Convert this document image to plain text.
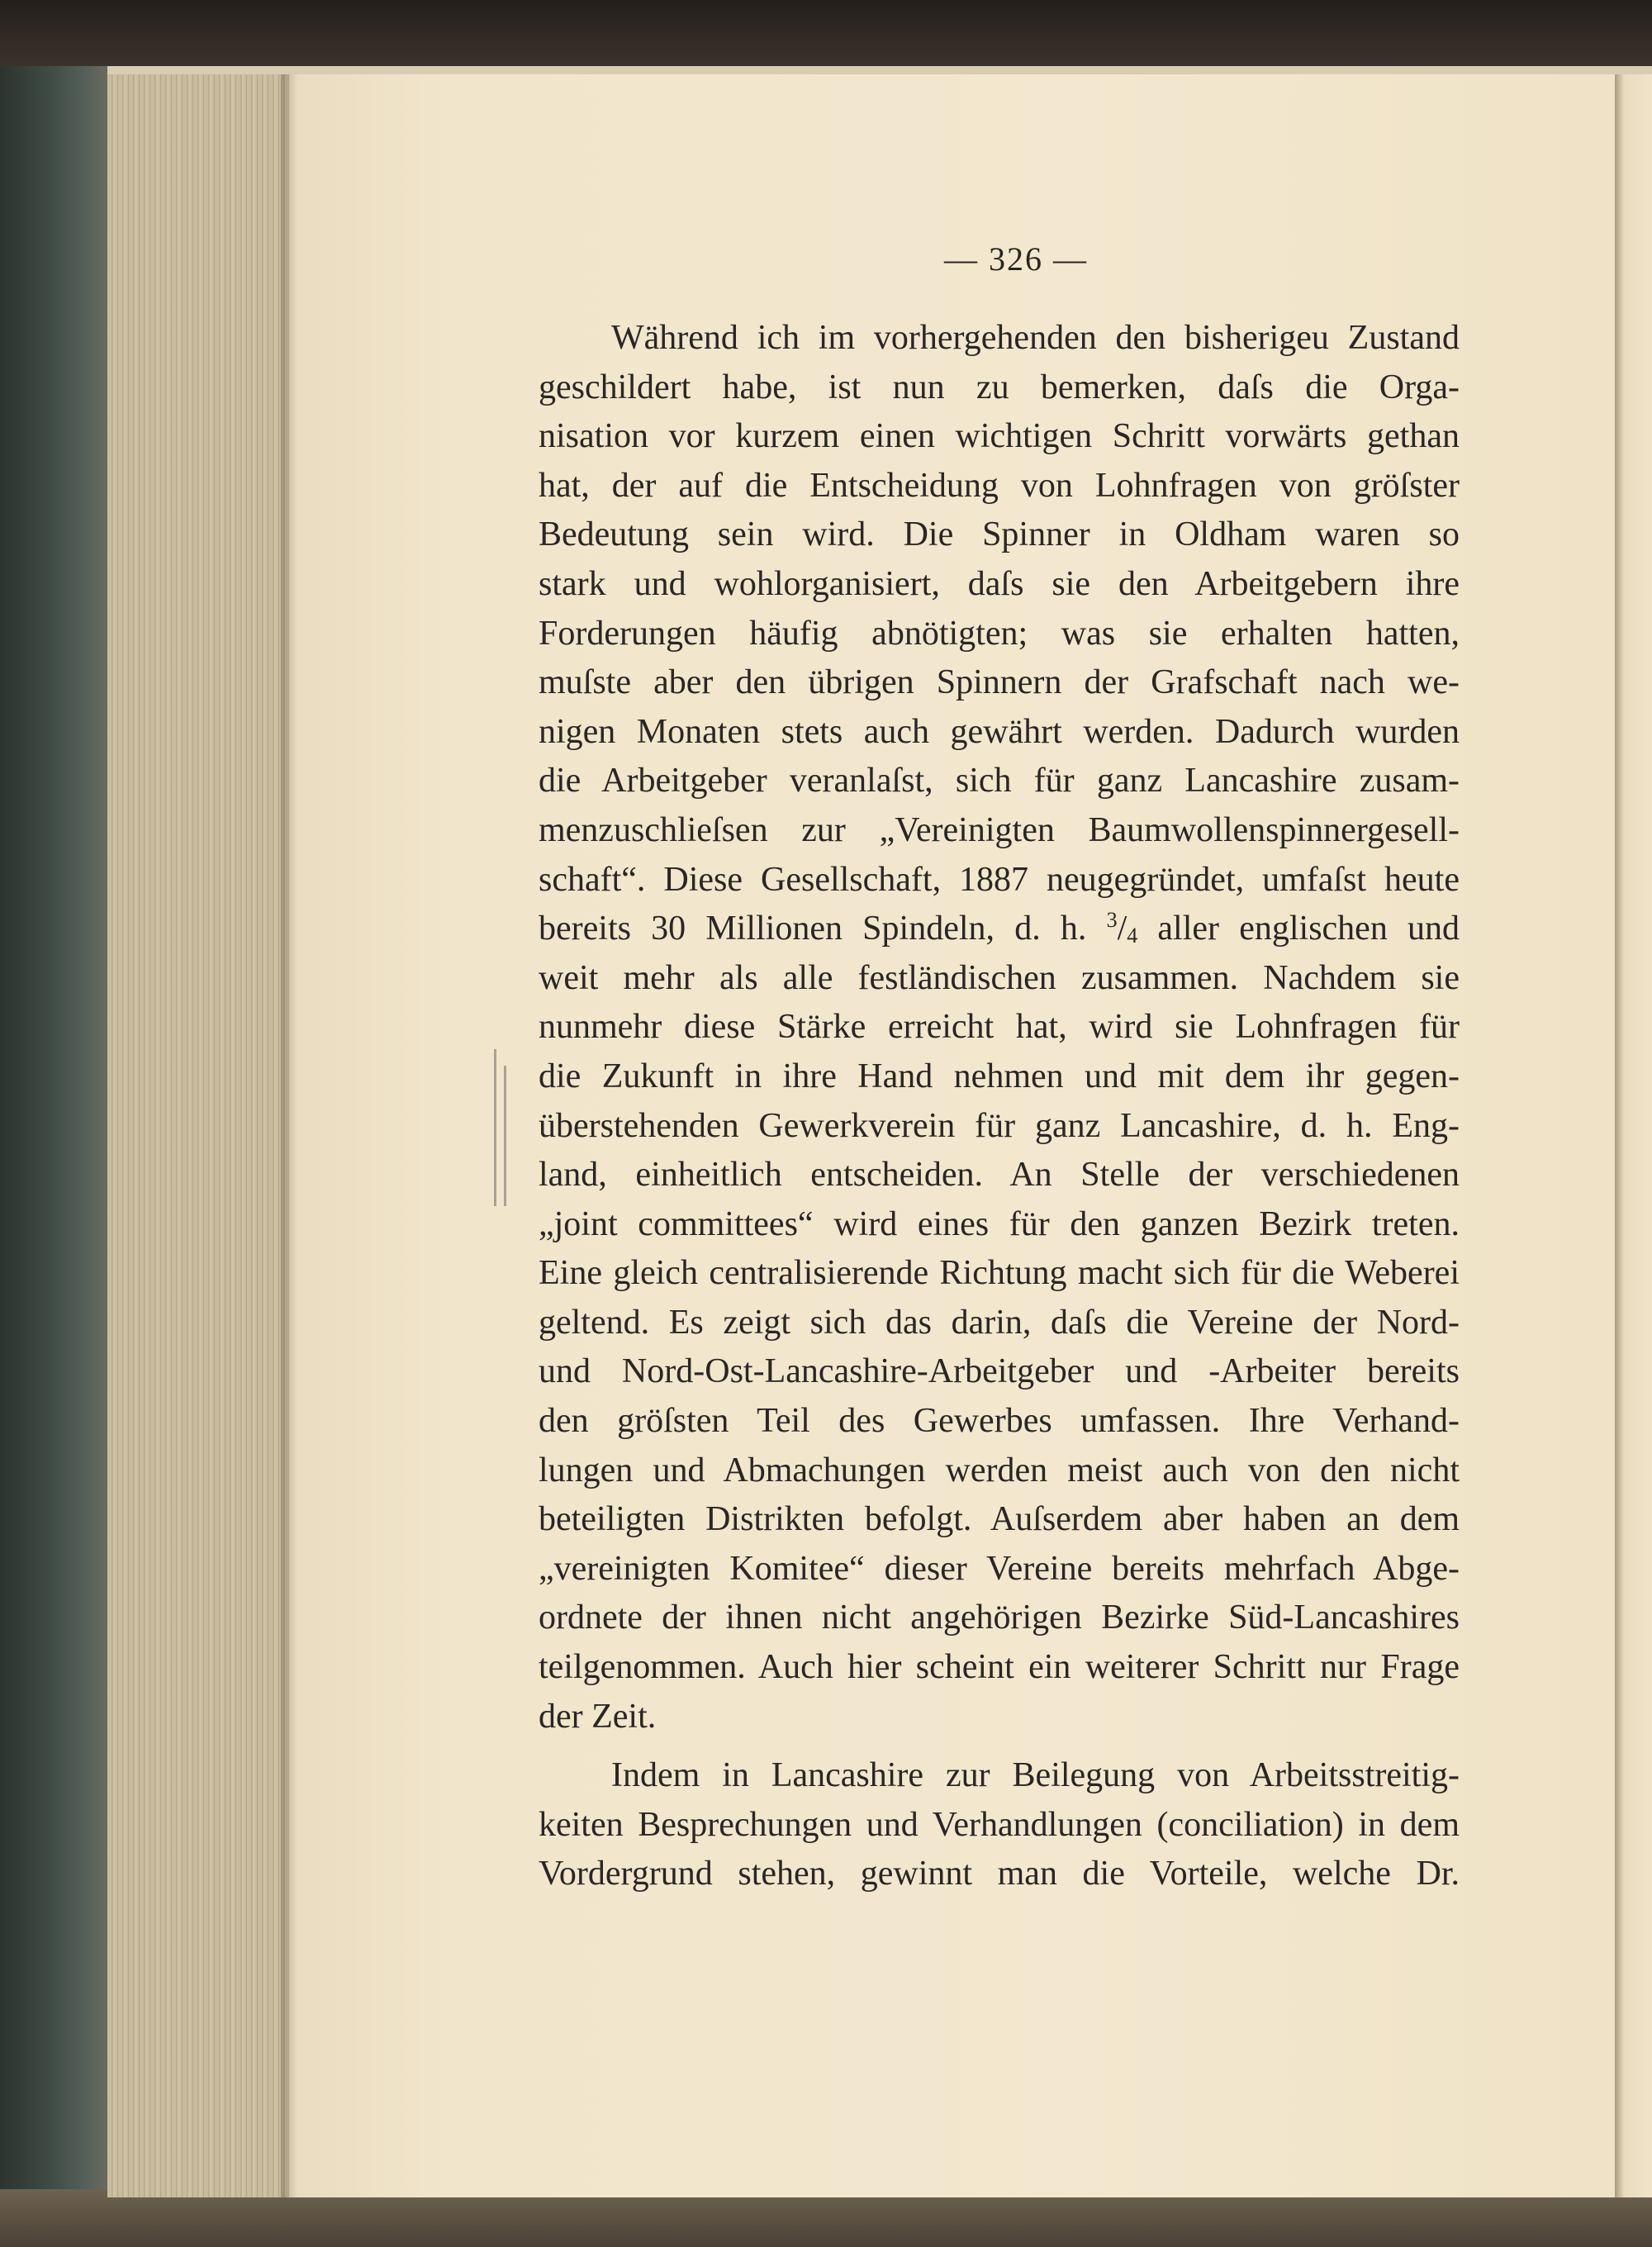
— 326 —
Während ich im vorhergehenden den bisherigeu Zustand
geschildert habe, ist nun zu bemerken, daſs die Orga-
nisation vor kurzem einen wichtigen Schritt vorwärts gethan
hat, der auf die Entscheidung von Lohnfragen von gröſster
Bedeutung sein wird. Die Spinner in Oldham waren so
stark und wohlorganisiert, daſs sie den Arbeitgebern ihre
Forderungen häufig abnötigten; was sie erhalten hatten,
muſste aber den übrigen Spinnern der Grafschaft nach we-
nigen Monaten stets auch gewährt werden. Dadurch wurden
die Arbeitgeber veranlaſst, sich für ganz Lancashire zusam-
menzuschlieſsen zur „Vereinigten Baumwollenspinnergesell-
schaft“. Diese Gesellschaft, 1887 neugegründet, umfaſst heute
bereits 30 Millionen Spindeln, d. h. $^3/_4$ aller englischen und
weit mehr als alle festländischen zusammen. Nachdem sie
nunmehr diese Stärke erreicht hat, wird sie Lohnfragen für
die Zukunft in ihre Hand nehmen und mit dem ihr gegen-
überstehenden Gewerkverein für ganz Lancashire, d. h. Eng-
land, einheitlich entscheiden. An Stelle der verschiedenen
„joint committees“ wird eines für den ganzen Bezirk treten.
Eine gleich centralisierende Richtung macht sich für die Weberei
geltend. Es zeigt sich das darin, daſs die Vereine der Nord-
und Nord-Ost-Lancashire-Arbeitgeber und -Arbeiter bereits
den gröſsten Teil des Gewerbes umfassen. Ihre Verhand-
lungen und Abmachungen werden meist auch von den nicht
beteiligten Distrikten befolgt. Auſserdem aber haben an dem
„vereinigten Komitee“ dieser Vereine bereits mehrfach Abge-
ordnete der ihnen nicht angehörigen Bezirke Süd-Lancashires
teilgenommen. Auch hier scheint ein weiterer Schritt nur Frage
der Zeit.
Indem in Lancashire zur Beilegung von Arbeitsstreitig-
keiten Besprechungen und Verhandlungen (conciliation) in dem
Vordergrund stehen, gewinnt man die Vorteile, welche Dr.
